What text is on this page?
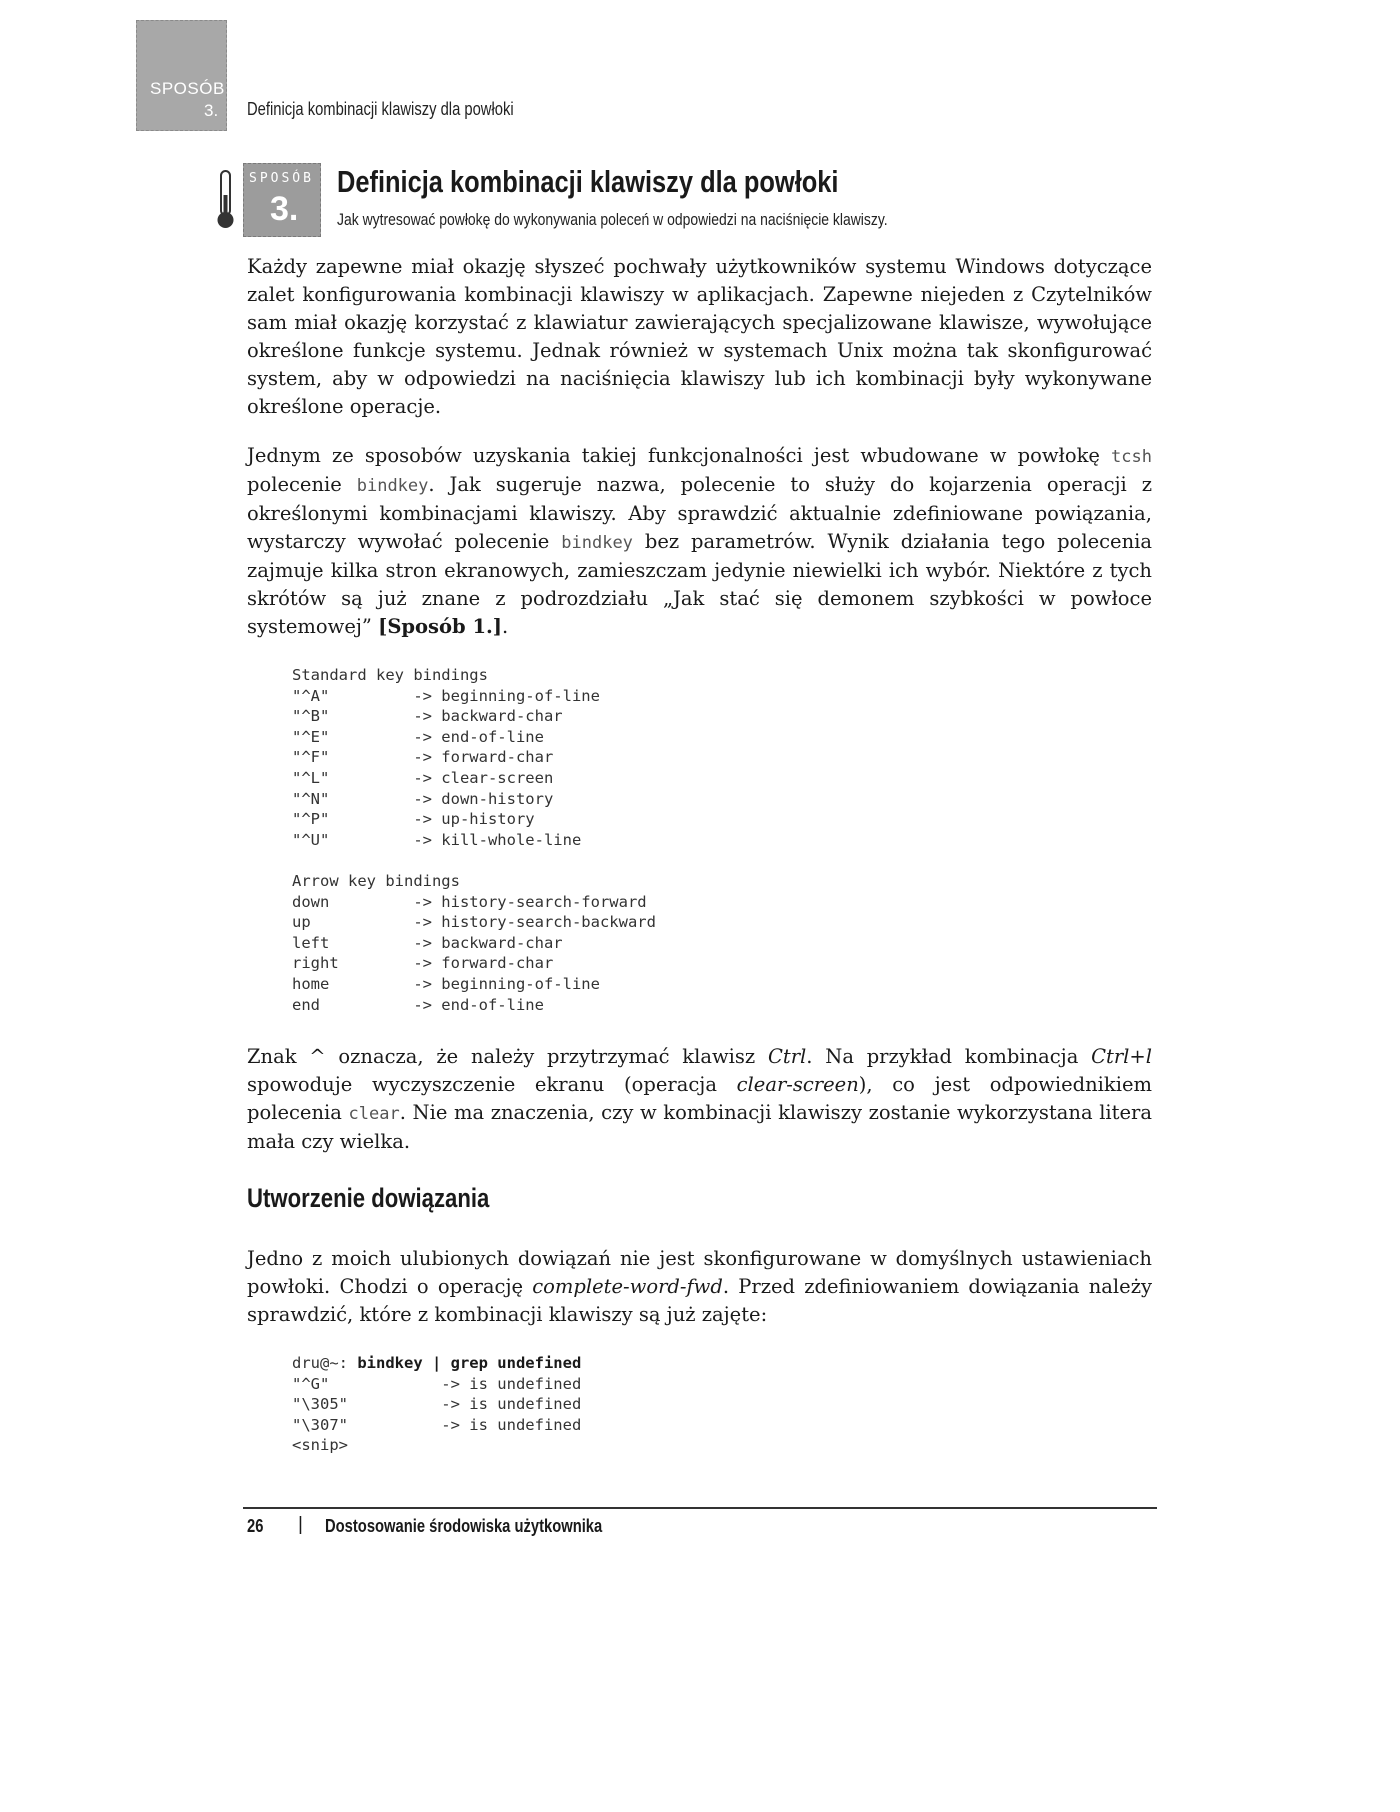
SPOSÓB
3. Definicja kombinacji klawiszy dla powłoki
SPOSÓB
3.
Definicja kombinacji klawiszy dla powłoki
Jak wytresować powłokę do wykonywania poleceń w odpowiedzi na naciśnięcie klawiszy.

Każdy zapewne miał okazję słyszeć pochwały użytkowników systemu Windows dotyczące zalet konfigurowania kombinacji klawiszy w aplikacjach. Zapewne niejeden z Czytelników sam miał okazję korzystać z klawiatur zawierających specjalizowane klawisze, wywołujące określone funkcje systemu. Jednak również w systemach Unix można tak skonfigurować system, aby w odpowiedzi na naciśnięcia klawiszy lub ich kombinacji były wykonywane określone operacje.

Jednym ze sposobów uzyskania takiej funkcjonalności jest wbudowane w powłokę tcsh polecenie bindkey. Jak sugeruje nazwa, polecenie to służy do kojarzenia operacji z określonymi kombinacjami klawiszy. Aby sprawdzić aktualnie zdefiniowane powiązania, wystarczy wywołać polecenie bindkey bez parametrów. Wynik działania tego polecenia zajmuje kilka stron ekranowych, zamieszczam jedynie niewielki ich wybór. Niektóre z tych skrótów są już znane z podrozdziału „Jak stać się demonem szybkości w powłoce systemowej” [Sposób 1.].

Standard key bindings
"^A"         -> beginning-of-line
"^B"         -> backward-char
"^E"         -> end-of-line
"^F"         -> forward-char
"^L"         -> clear-screen
"^N"         -> down-history
"^P"         -> up-history
"^U"         -> kill-whole-line
Arrow key bindings
down         -> history-search-forward
up           -> history-search-backward
left         -> backward-char
right        -> forward-char
home         -> beginning-of-line
end          -> end-of-line

Znak ^ oznacza, że należy przytrzymać klawisz Ctrl. Na przykład kombinacja Ctrl+l spowoduje wyczyszczenie ekranu (operacja clear-screen), co jest odpowiednikiem polecenia clear. Nie ma znaczenia, czy w kombinacji klawiszy zostanie wykorzystana litera mała czy wielka.

Utworzenie dowiązania

Jedno z moich ulubionych dowiązań nie jest skonfigurowane w domyślnych ustawieniach powłoki. Chodzi o operację complete-word-fwd. Przed zdefiniowaniem dowiązania należy sprawdzić, które z kombinacji klawiszy są już zajęte:

dru@~: bindkey | grep undefined
"^G"            -> is undefined
"\305"          -> is undefined
"\307"          -> is undefined
<snip>
26 | Dostosowanie środowiska użytkownika
